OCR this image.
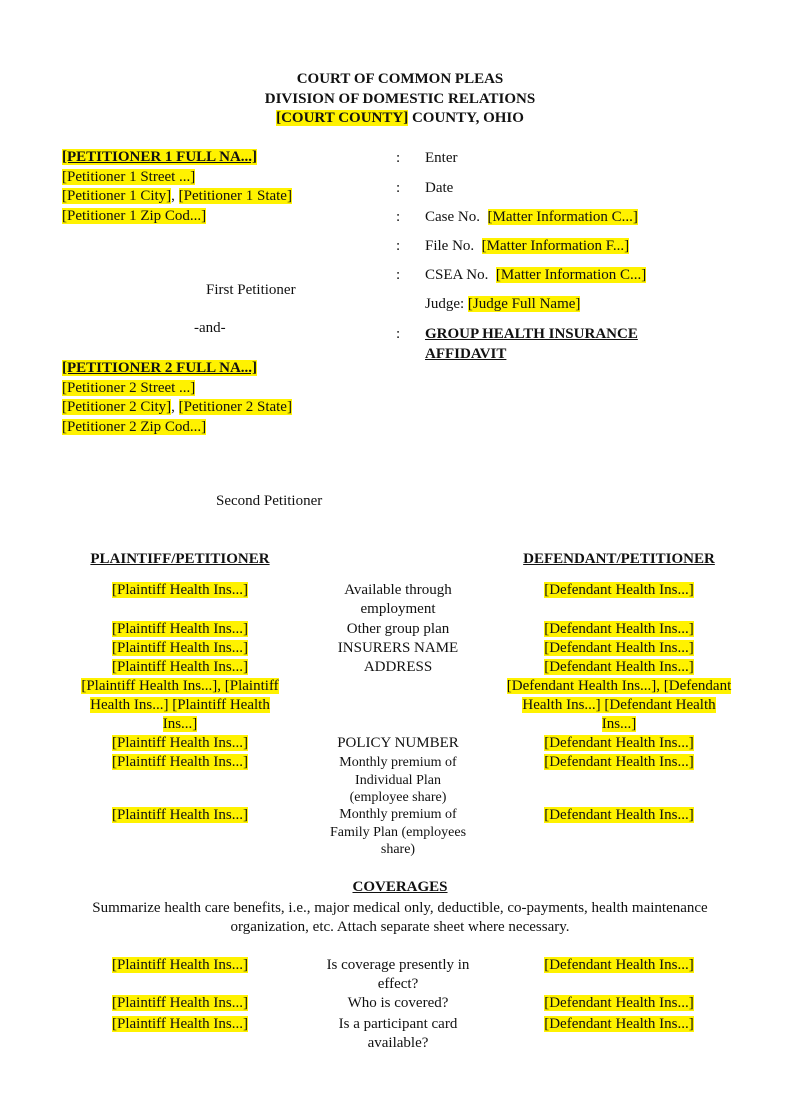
COURT OF COMMON PLEAS
DIVISION OF DOMESTIC RELATIONS
[COURT COUNTY] COUNTY, OHIO
[PETITIONER 1 FULL NA...]
[Petitioner 1 Street ...]
[Petitioner 1 City], [Petitioner 1 State]
[Petitioner 1 Zip Cod...]
First Petitioner
-and-
[PETITIONER 2 FULL NA...]
[Petitioner 2 Street ...]
[Petitioner 2 City], [Petitioner 2 State]
[Petitioner 2 Zip Cod...]
Second Petitioner
: Enter
: Date
: Case No. [Matter Information C...]
: File No. [Matter Information F...]
: CSEA No. [Matter Information C...]
Judge: [Judge Full Name]
: GROUP HEALTH INSURANCE
AFFIDAVIT
PLAINTIFF/PETITIONER	DEFENDANT/PETITIONER
[Plaintiff Health Ins...]
[Plaintiff Health Ins...]
[Plaintiff Health Ins...]
[Plaintiff Health Ins...]
[Plaintiff Health Ins...], [Plaintiff
Health Ins...] [Plaintiff Health
Ins...]
[Plaintiff Health Ins...]
[Plaintiff Health Ins...]
[Plaintiff Health Ins...]
Available through
employment
Other group plan
INSURERS NAME
ADDRESS
POLICY NUMBER
Monthly premium of
Individual Plan
(employee share)
Monthly premium of
Family Plan (employees
share)
[Defendant Health Ins...]
[Defendant Health Ins...]
[Defendant Health Ins...]
[Defendant Health Ins...]
[Defendant Health Ins...], [Defendant
Health Ins...] [Defendant Health
Ins...]
[Defendant Health Ins...]
[Defendant Health Ins...]
[Defendant Health Ins...]
COVERAGES
Summarize health care benefits, i.e., major medical only, deductible, co-payments, health maintenance
organization, etc. Attach separate sheet where necessary.
[Plaintiff Health Ins...]
[Plaintiff Health Ins...]
[Plaintiff Health Ins...]
Is coverage presently in
effect?
Who is covered?
Is a participant card
available?
[Defendant Health Ins...]
[Defendant Health Ins...]
[Defendant Health Ins...]
